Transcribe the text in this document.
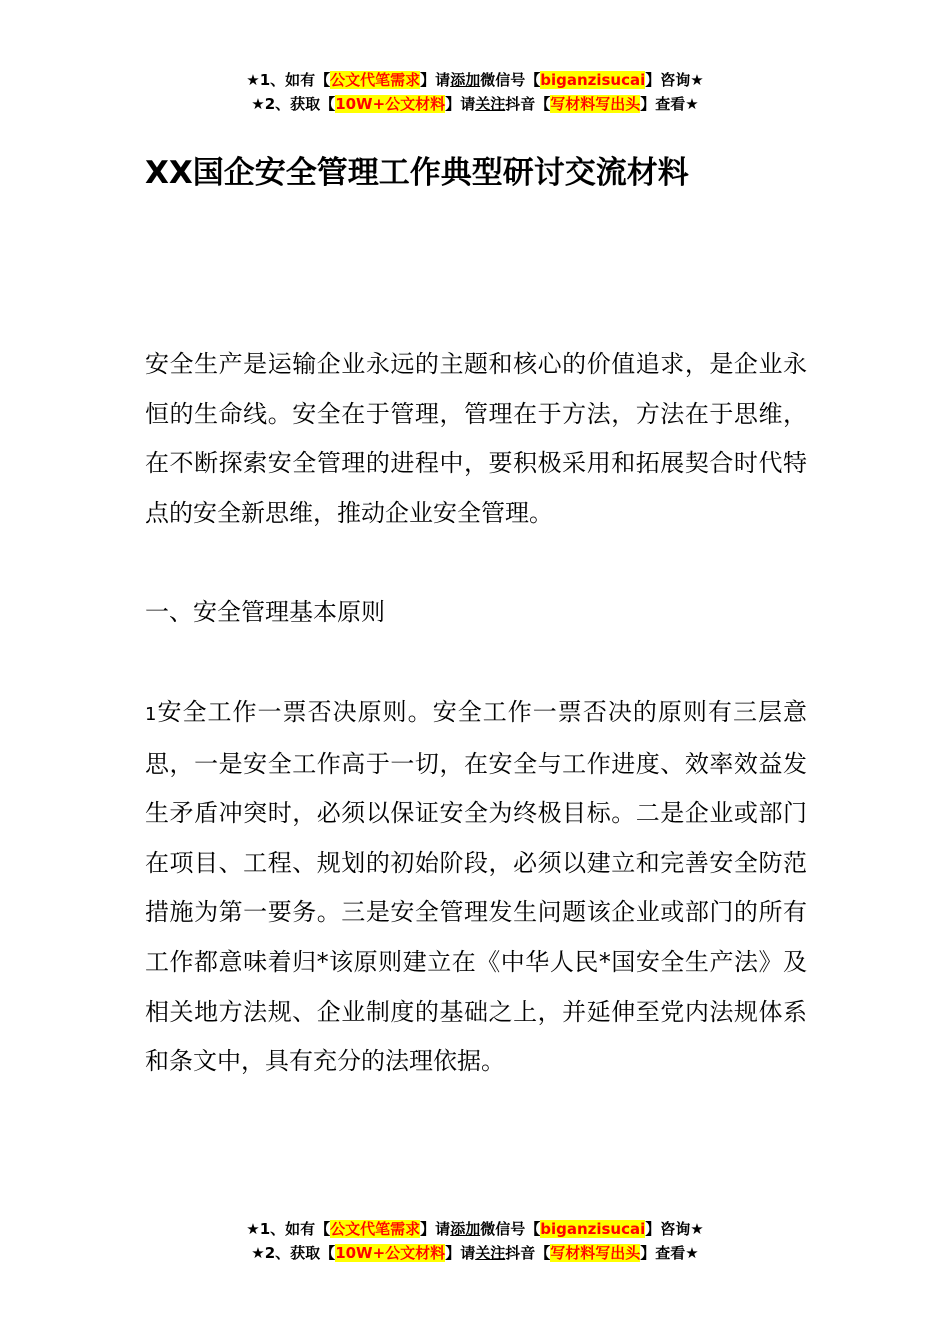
★1、如有【公文代笔需求】请添加微信号【biganzisucai】咨询★
★2、获取【10W+公文材料】请关注抖音【写材料写出头】查看★
XX国企安全管理工作典型研讨交流材料
安全生产是运输企业永远的主题和核心的价值追求，是企业永恒的生命线。安全在于管理，管理在于方法，方法在于思维，在不断探索安全管理的进程中，要积极采用和拓展契合时代特点的安全新思维，推动企业安全管理。
一、安全管理基本原则
1安全工作一票否决原则。安全工作一票否决的原则有三层意思，一是安全工作高于一切，在安全与工作进度、效率效益发生矛盾冲突时，必须以保证安全为终极目标。二是企业或部门在项目、工程、规划的初始阶段，必须以建立和完善安全防范措施为第一要务。三是安全管理发生问题该企业或部门的所有工作都意味着归*该原则建立在《中华人民*国安全生产法》及相关地方法规、企业制度的基础之上，并延伸至党内法规体系和条文中，具有充分的法理依据。
★1、如有【公文代笔需求】请添加微信号【biganzisucai】咨询★
★2、获取【10W+公文材料】请关注抖音【写材料写出头】查看★
